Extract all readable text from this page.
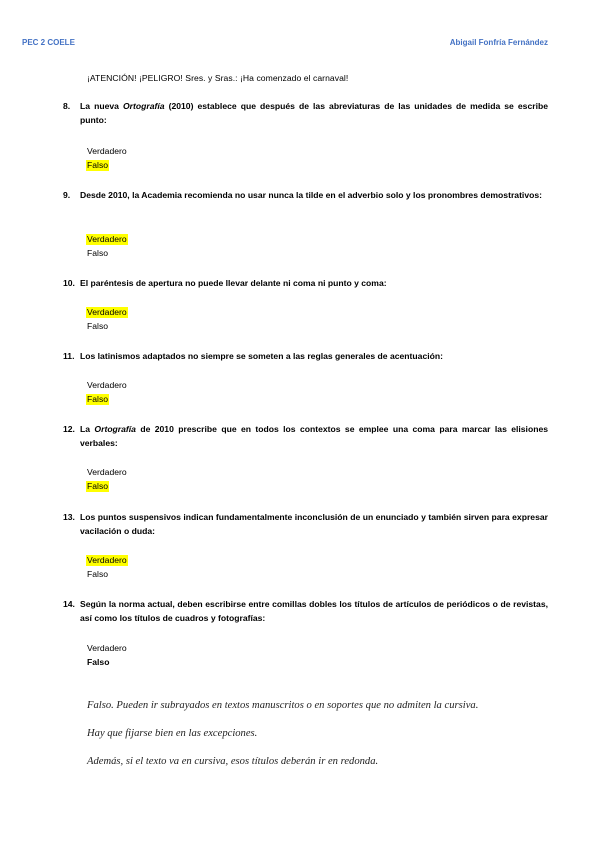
PEC 2 COELE	Abigail Fonfría Fernández
¡ATENCIÓN! ¡PELIGRO! Sres. y Sras.: ¡Ha comenzado el carnaval!
8.	La nueva Ortografía (2010) establece que después de las abreviaturas de las unidades de medida se escribe punto:
Verdadero
Falso
9.	Desde 2010, la Academia recomienda no usar nunca la tilde en el adverbio solo y los pronombres demostrativos:
Verdadero
Falso
10. El paréntesis de apertura no puede llevar delante ni coma ni punto y coma:
Verdadero
Falso
11. Los latinismos adaptados no siempre se someten a las reglas generales de acentuación:
Verdadero
Falso
12. La Ortografía de 2010 prescribe que en todos los contextos se emplee una coma para marcar las elisiones verbales:
Verdadero
Falso
13. Los puntos suspensivos indican fundamentalmente inconclusión de un enunciado y también sirven para expresar vacilación o duda:
Verdadero
Falso
14. Según la norma actual, deben escribirse entre comillas dobles los títulos de artículos de periódicos o de revistas, así como los títulos de cuadros y fotografías:
Verdadero
Falso
Falso. Pueden ir subrayados en textos manuscritos o en soportes que no admiten la cursiva.
Hay que fijarse bien en las excepciones.
Además, si el texto va en cursiva, esos títulos deberán ir en redonda.
